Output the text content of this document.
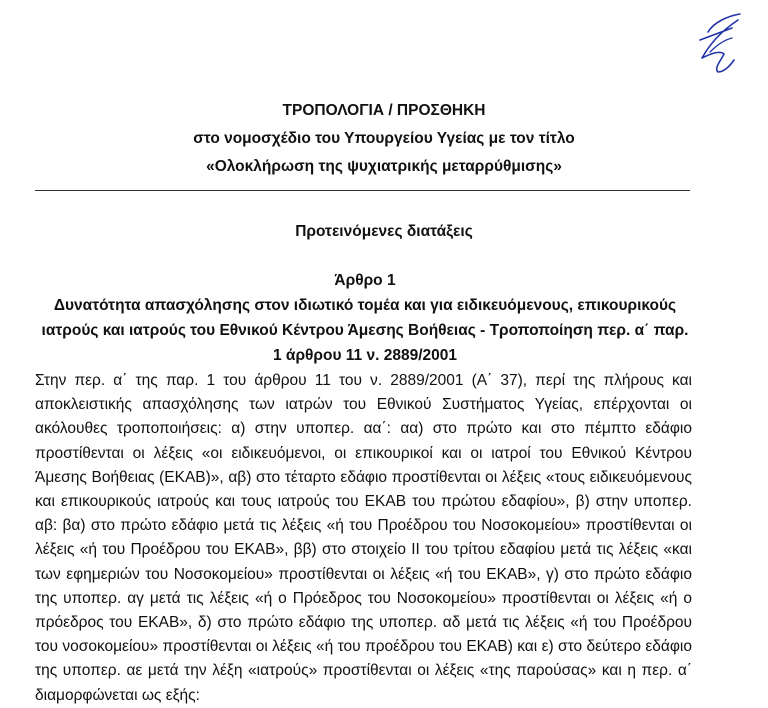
ΤΡΟΠΟΛΟΓΙΑ / ΠΡΟΣΘΗΚΗ
στο νομοσχέδιο του Υπουργείου Υγείας με τον τίτλο
«Ολοκλήρωση της ψυχιατρικής μεταρρύθμισης»
Προτεινόμενες διατάξεις
Άρθρο 1
Δυνατότητα απασχόλησης στον ιδιωτικό τομέα και για ειδικευόμενους, επικουρικούς ιατρούς και ιατρούς του Εθνικού Κέντρου Άμεσης Βοήθειας - Τροποποίηση περ. α΄ παρ. 1 άρθρου 11 ν. 2889/2001
Στην περ. α΄ της παρ. 1 του άρθρου 11 του ν. 2889/2001 (Α΄ 37), περί της πλήρους και αποκλειστικής απασχόλησης των ιατρών του Εθνικού Συστήματος Υγείας, επέρχονται οι ακόλουθες τροποποιήσεις: α) στην υποπερ. αα΄: αα) στο πρώτο και στο πέμπτο εδάφιο προστίθενται οι λέξεις «οι ειδικευόμενοι, οι επικουρικοί και οι ιατροί του Εθνικού Κέντρου Άμεσης Βοήθειας (ΕΚΑΒ)», αβ) στο τέταρτο εδάφιο προστίθενται οι λέξεις «τους ειδικευόμενους και επικουρικούς ιατρούς και τους ιατρούς του ΕΚΑΒ του πρώτου εδαφίου», β) στην υποπερ. αβ: βα) στο πρώτο εδάφιο μετά τις λέξεις «ή του Προέδρου του Νοσοκομείου» προστίθενται οι λέξεις «ή του Προέδρου του ΕΚΑΒ», ββ) στο στοιχείο ΙΙ του τρίτου εδαφίου μετά τις λέξεις «και των εφημεριών του Νοσοκομείου» προστίθενται οι λέξεις «ή του ΕΚΑΒ», γ) στο πρώτο εδάφιο της υποπερ. αγ μετά τις λέξεις «ή ο Πρόεδρος του Νοσοκομείου» προστίθενται οι λέξεις «ή ο πρόεδρος του ΕΚΑΒ», δ) στο πρώτο εδάφιο της υποπερ. αδ μετά τις λέξεις «ή του Προέδρου του νοσοκομείου» προστίθενται οι λέξεις «ή του προέδρου του ΕΚΑΒ) και ε) στο δεύτερο εδάφιο της υποπερ. αε μετά την λέξη «ιατρούς» προστίθενται οι λέξεις «της παρούσας» και η περ. α΄ διαμορφώνεται ως εξής:
